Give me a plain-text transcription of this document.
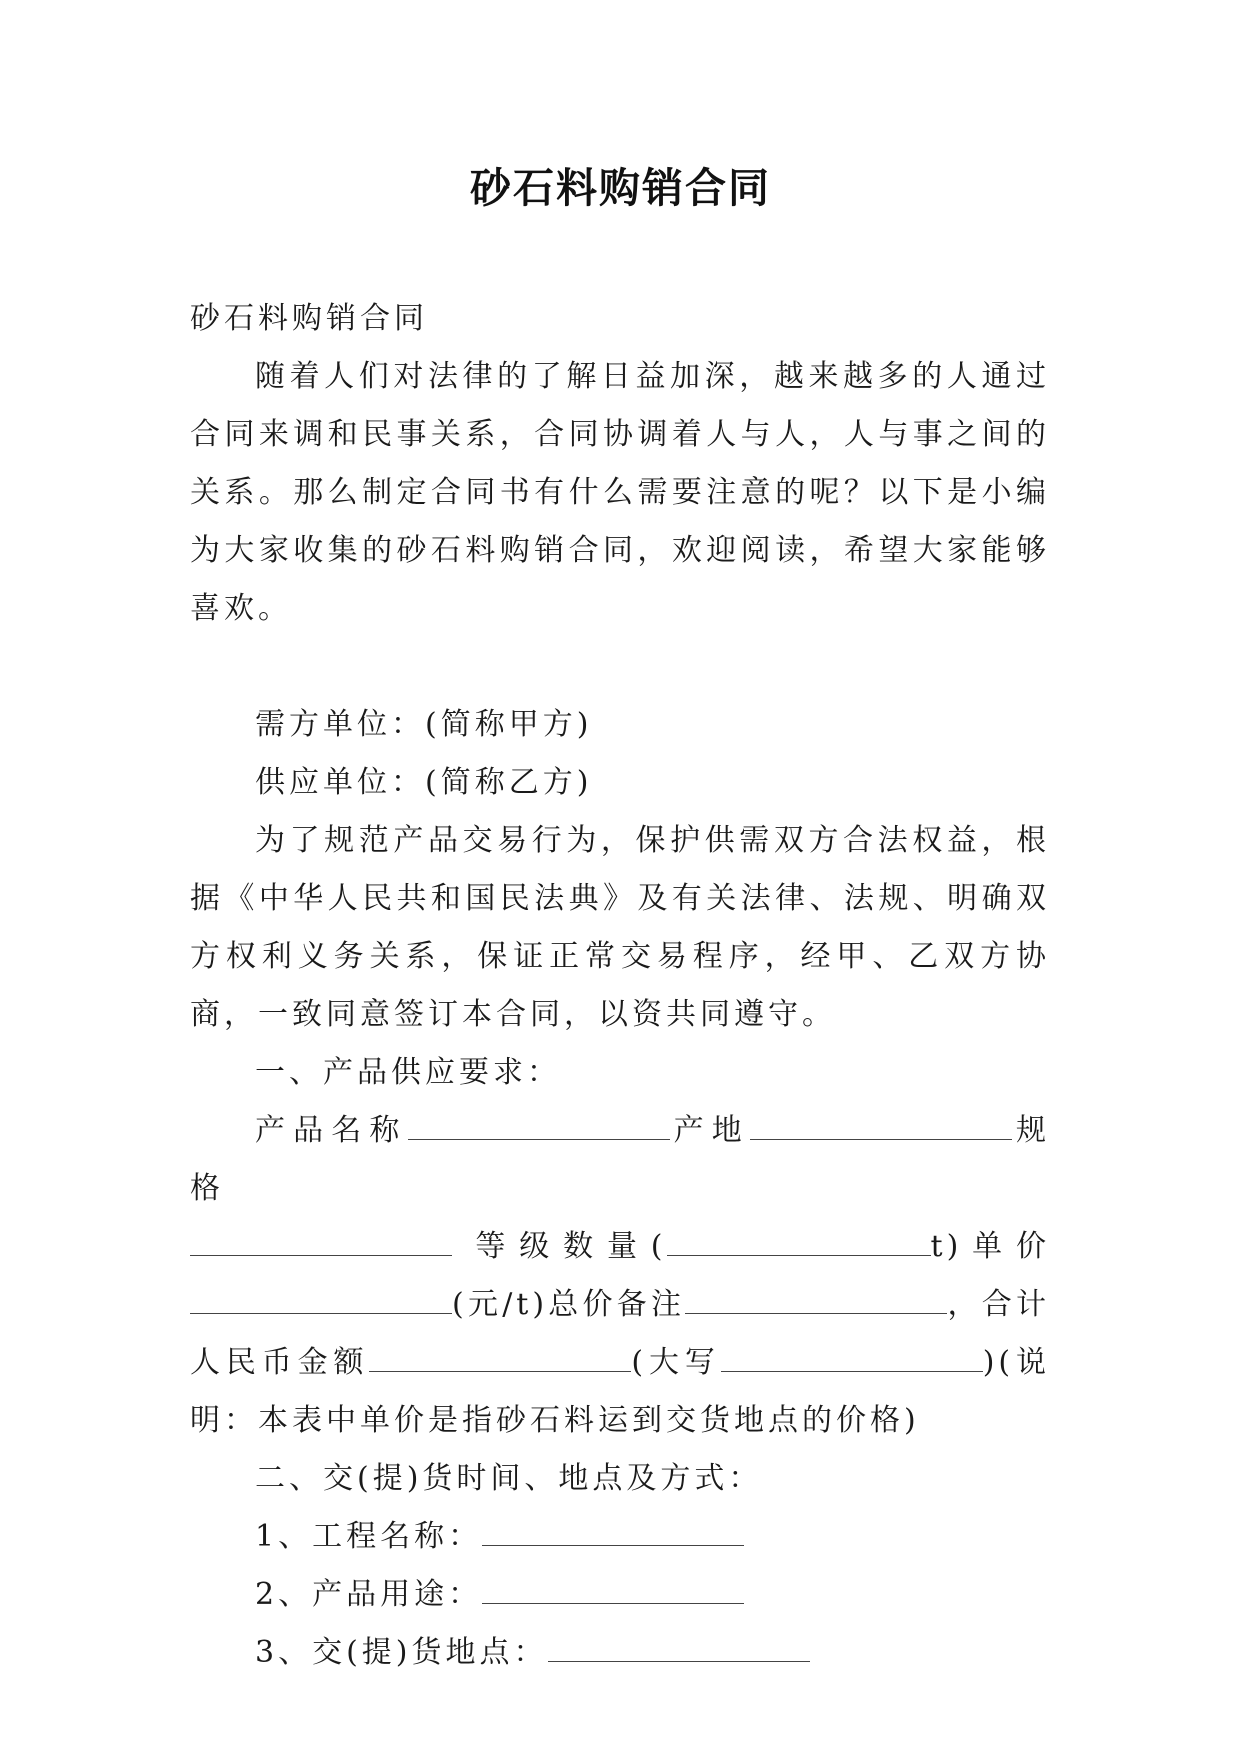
砂石料购销合同

砂石料购销合同

随着人们对法律的了解日益加深，越来越多的人通过合同来调和民事关系，合同协调着人与人，人与事之间的关系。那么制定合同书有什么需要注意的呢？以下是小编为大家收集的砂石料购销合同，欢迎阅读，希望大家能够喜欢。

需方单位：(简称甲方)

供应单位：(简称乙方)

为了规范产品交易行为，保护供需双方合法权益，根据《中华人民共和国民法典》及有关法律、法规、明确双方权利义务关系，保证正常交易程序，经甲、乙双方协商，一致同意签订本合同，以资共同遵守。

一、产品供应要求：

产品名称	产地	规格

等级数量(	t)单价

(元/t)总价备注	，合计

人民币金额	(大写	)(说

明：本表中单价是指砂石料运到交货地点的价格)

二、交(提)货时间、地点及方式：

1、工程名称：

2、产品用途：

3、交(提)货地点：
